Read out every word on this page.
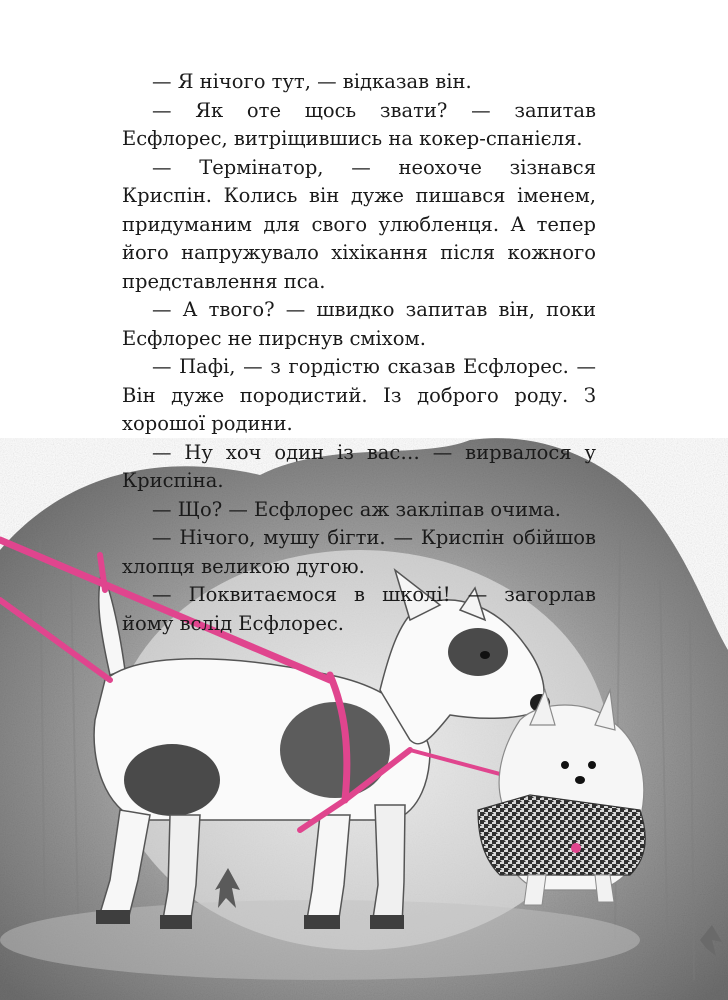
— Я нічого тут, — відказав він.

— Як оте щось звати? — запитав Есфлорес, витріщившись на кокер-спанієля.

— Термінатор, — неохоче зізнався Криспін. Колись він дуже пишався іменем, придуманим для свого улюбленця. А тепер його напружувало хіхікання після кожного представлення пса.

— А твого? — швидко запитав він, поки Есфлорес не пирснув сміхом.

— Пафі, — з гордістю сказав Есфлорес. — Він дуже породистий. Із доброго роду. З хорошої родини.

— Ну хоч один із вас… — вирвалося у Криспіна.

— Що? — Есфлорес аж закліпав очима.

— Нічого, мушу бігти. — Криспін обійшов хлопця великою дугою.

— Поквитаємося в школі! — загорлав йому вслід Есфлорес.
